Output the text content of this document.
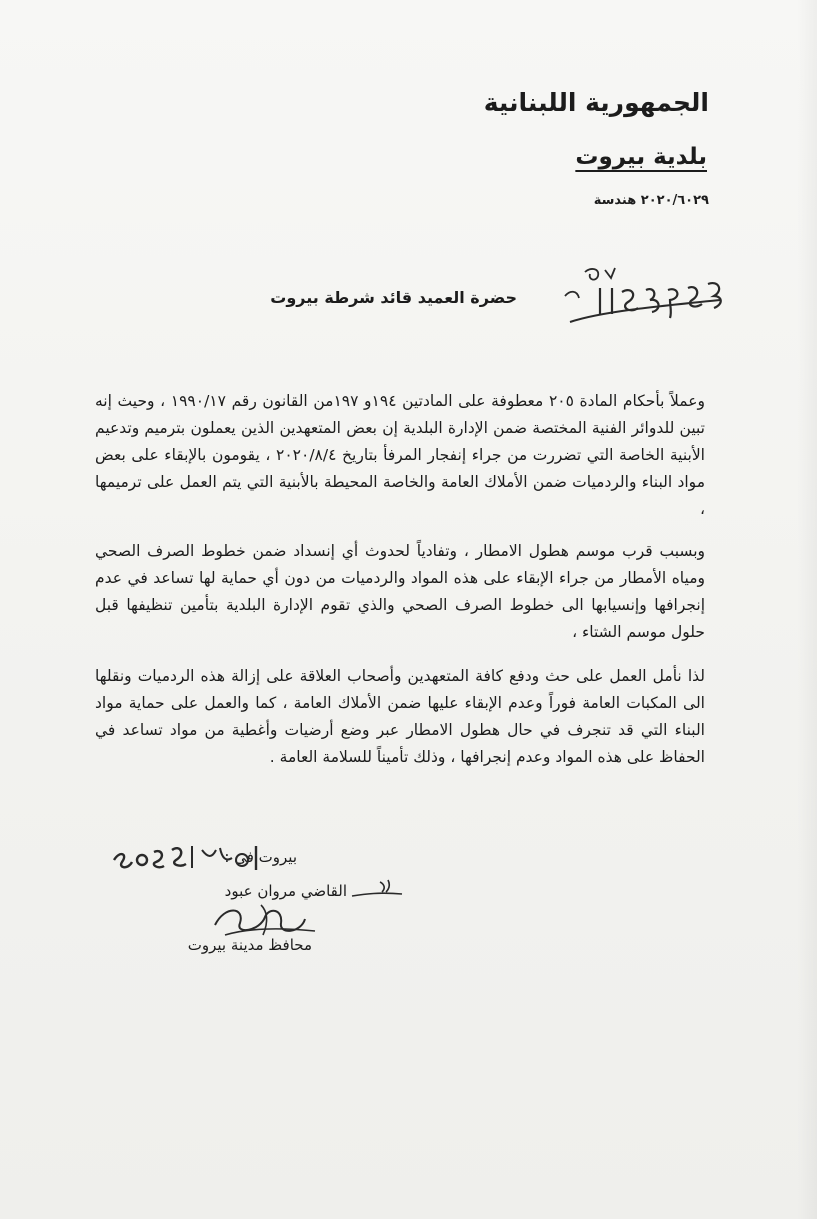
الجمهورية اللبنانية
بلدية بيروت
٢٠٢٠/٦٠٢٩ هندسة
حضرة العميد قائد شرطة بيروت
وعملاً بأحكام المادة ٢٠٥ معطوفة على المادتين ١٩٤و ١٩٧من القانون رقم ١٩٩٠/١٧ ، وحيث إنه تبين للدوائر الفنية المختصة ضمن الإدارة البلدية إن بعض المتعهدين الذين يعملون بترميم وتدعيم الأبنية الخاصة التي تضررت من جراء إنفجار المرفأ بتاريخ ٢٠٢٠/٨/٤ ، يقومون بالإبقاء على بعض مواد البناء والردميات ضمن الأملاك العامة والخاصة المحيطة بالأبنية التي يتم العمل على ترميمها ،
وبسبب قرب موسم هطول الامطار ، وتفادياً لحدوث أي إنسداد ضمن خطوط الصرف الصحي ومياه الأمطار من جراء الإبقاء على هذه المواد والردميات من دون أي حماية لها تساعد في عدم إنجرافها وإنسيابها الى خطوط الصرف الصحي والذي تقوم الإدارة البلدية بتأمين تنظيفها قبل حلول موسم الشتاء ،
لذا نأمل العمل على حث ودفع كافة المتعهدين وأصحاب العلاقة على إزالة هذه الردميات ونقلها الى المكبات العامة فوراً وعدم الإبقاء عليها ضمن الأملاك العامة ، كما والعمل على حماية مواد البناء التي قد تنجرف في حال هطول الامطار عبر وضع أرضيات وأغطية من مواد تساعد في الحفاظ على هذه المواد وعدم إنجرافها ، وذلك تأميناً للسلامة العامة .
بيروت في :
القاضي مروان عبود
محافظ مدينة بيروت
